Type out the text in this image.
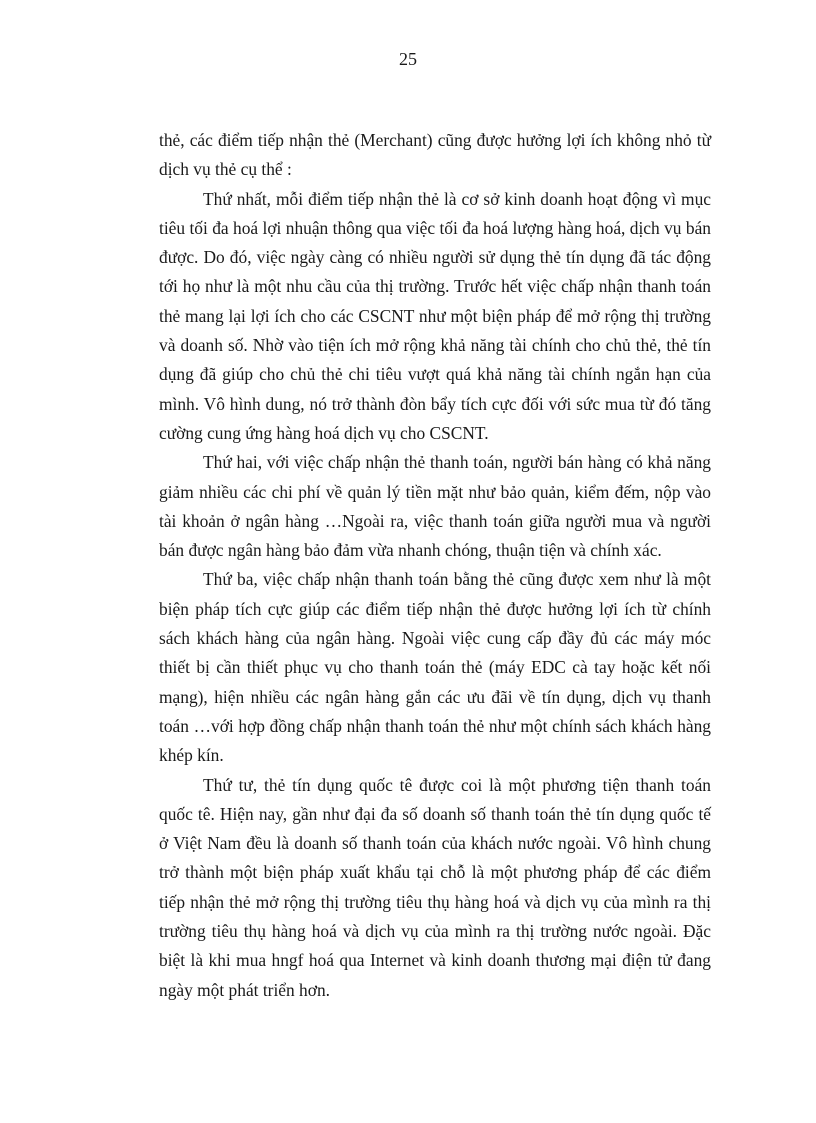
25

thẻ, các điểm tiếp nhận thẻ (Merchant) cũng được hưởng lợi ích không nhỏ từ dịch vụ thẻ cụ thể :

Thứ nhất, mỗi điểm tiếp nhận thẻ là cơ sở kinh doanh hoạt động vì mục tiêu tối đa hoá lợi nhuận thông qua việc tối đa hoá lượng hàng hoá, dịch vụ bán được. Do đó, việc ngày càng có nhiều người sử dụng thẻ tín dụng đã tác động tới họ như là một nhu cầu của thị trường. Trước hết việc chấp nhận thanh toán thẻ mang lại lợi ích cho các CSCNT như một biện pháp để mở rộng thị trường và doanh số. Nhờ vào tiện ích mở rộng khả năng tài chính cho chủ thẻ, thẻ tín dụng đã giúp cho chủ thẻ chi tiêu vượt quá khả năng tài chính ngắn hạn của mình. Vô hình dung, nó trở thành đòn bẩy tích cực đối với sức mua từ đó tăng cường cung ứng hàng hoá dịch vụ cho CSCNT.

Thứ hai, với việc chấp nhận thẻ thanh toán, người bán hàng có khả năng giảm nhiều các chi phí về quản lý tiền mặt như bảo quản, kiểm đếm, nộp vào tài khoản ở ngân hàng …Ngoài ra, việc thanh toán giữa người mua và người bán được ngân hàng bảo đảm vừa nhanh chóng, thuận tiện và chính xác.

Thứ ba, việc chấp nhận thanh toán bằng thẻ cũng được xem như là một biện pháp tích cực giúp các điểm tiếp nhận thẻ được hưởng lợi ích từ chính sách khách hàng của ngân hàng. Ngoài việc cung cấp đầy đủ các máy móc thiết bị cần thiết phục vụ cho thanh toán thẻ (máy EDC cà tay hoặc kết nối mạng), hiện nhiều các ngân hàng gắn các ưu đãi về tín dụng, dịch vụ thanh toán …với hợp đồng chấp nhận thanh toán thẻ như một chính sách khách hàng khép kín.

Thứ tư, thẻ tín dụng quốc tê được coi là một phương tiện thanh toán quốc tê. Hiện nay, gần như đại đa số doanh số thanh toán thẻ tín dụng quốc tế ở Việt Nam đều là doanh số thanh toán của khách nước ngoài. Vô hình chung trở thành một biện pháp xuất khẩu tại chỗ là một phương pháp để các điểm tiếp nhận thẻ mở rộng thị trường tiêu thụ hàng hoá và dịch vụ của mình ra thị trường tiêu thụ hàng hoá và dịch vụ của mình ra thị trường nước ngoài. Đặc biệt là khi mua hngf hoá qua Internet và kinh doanh thương mại điện tử đang ngày một phát triển hơn.
